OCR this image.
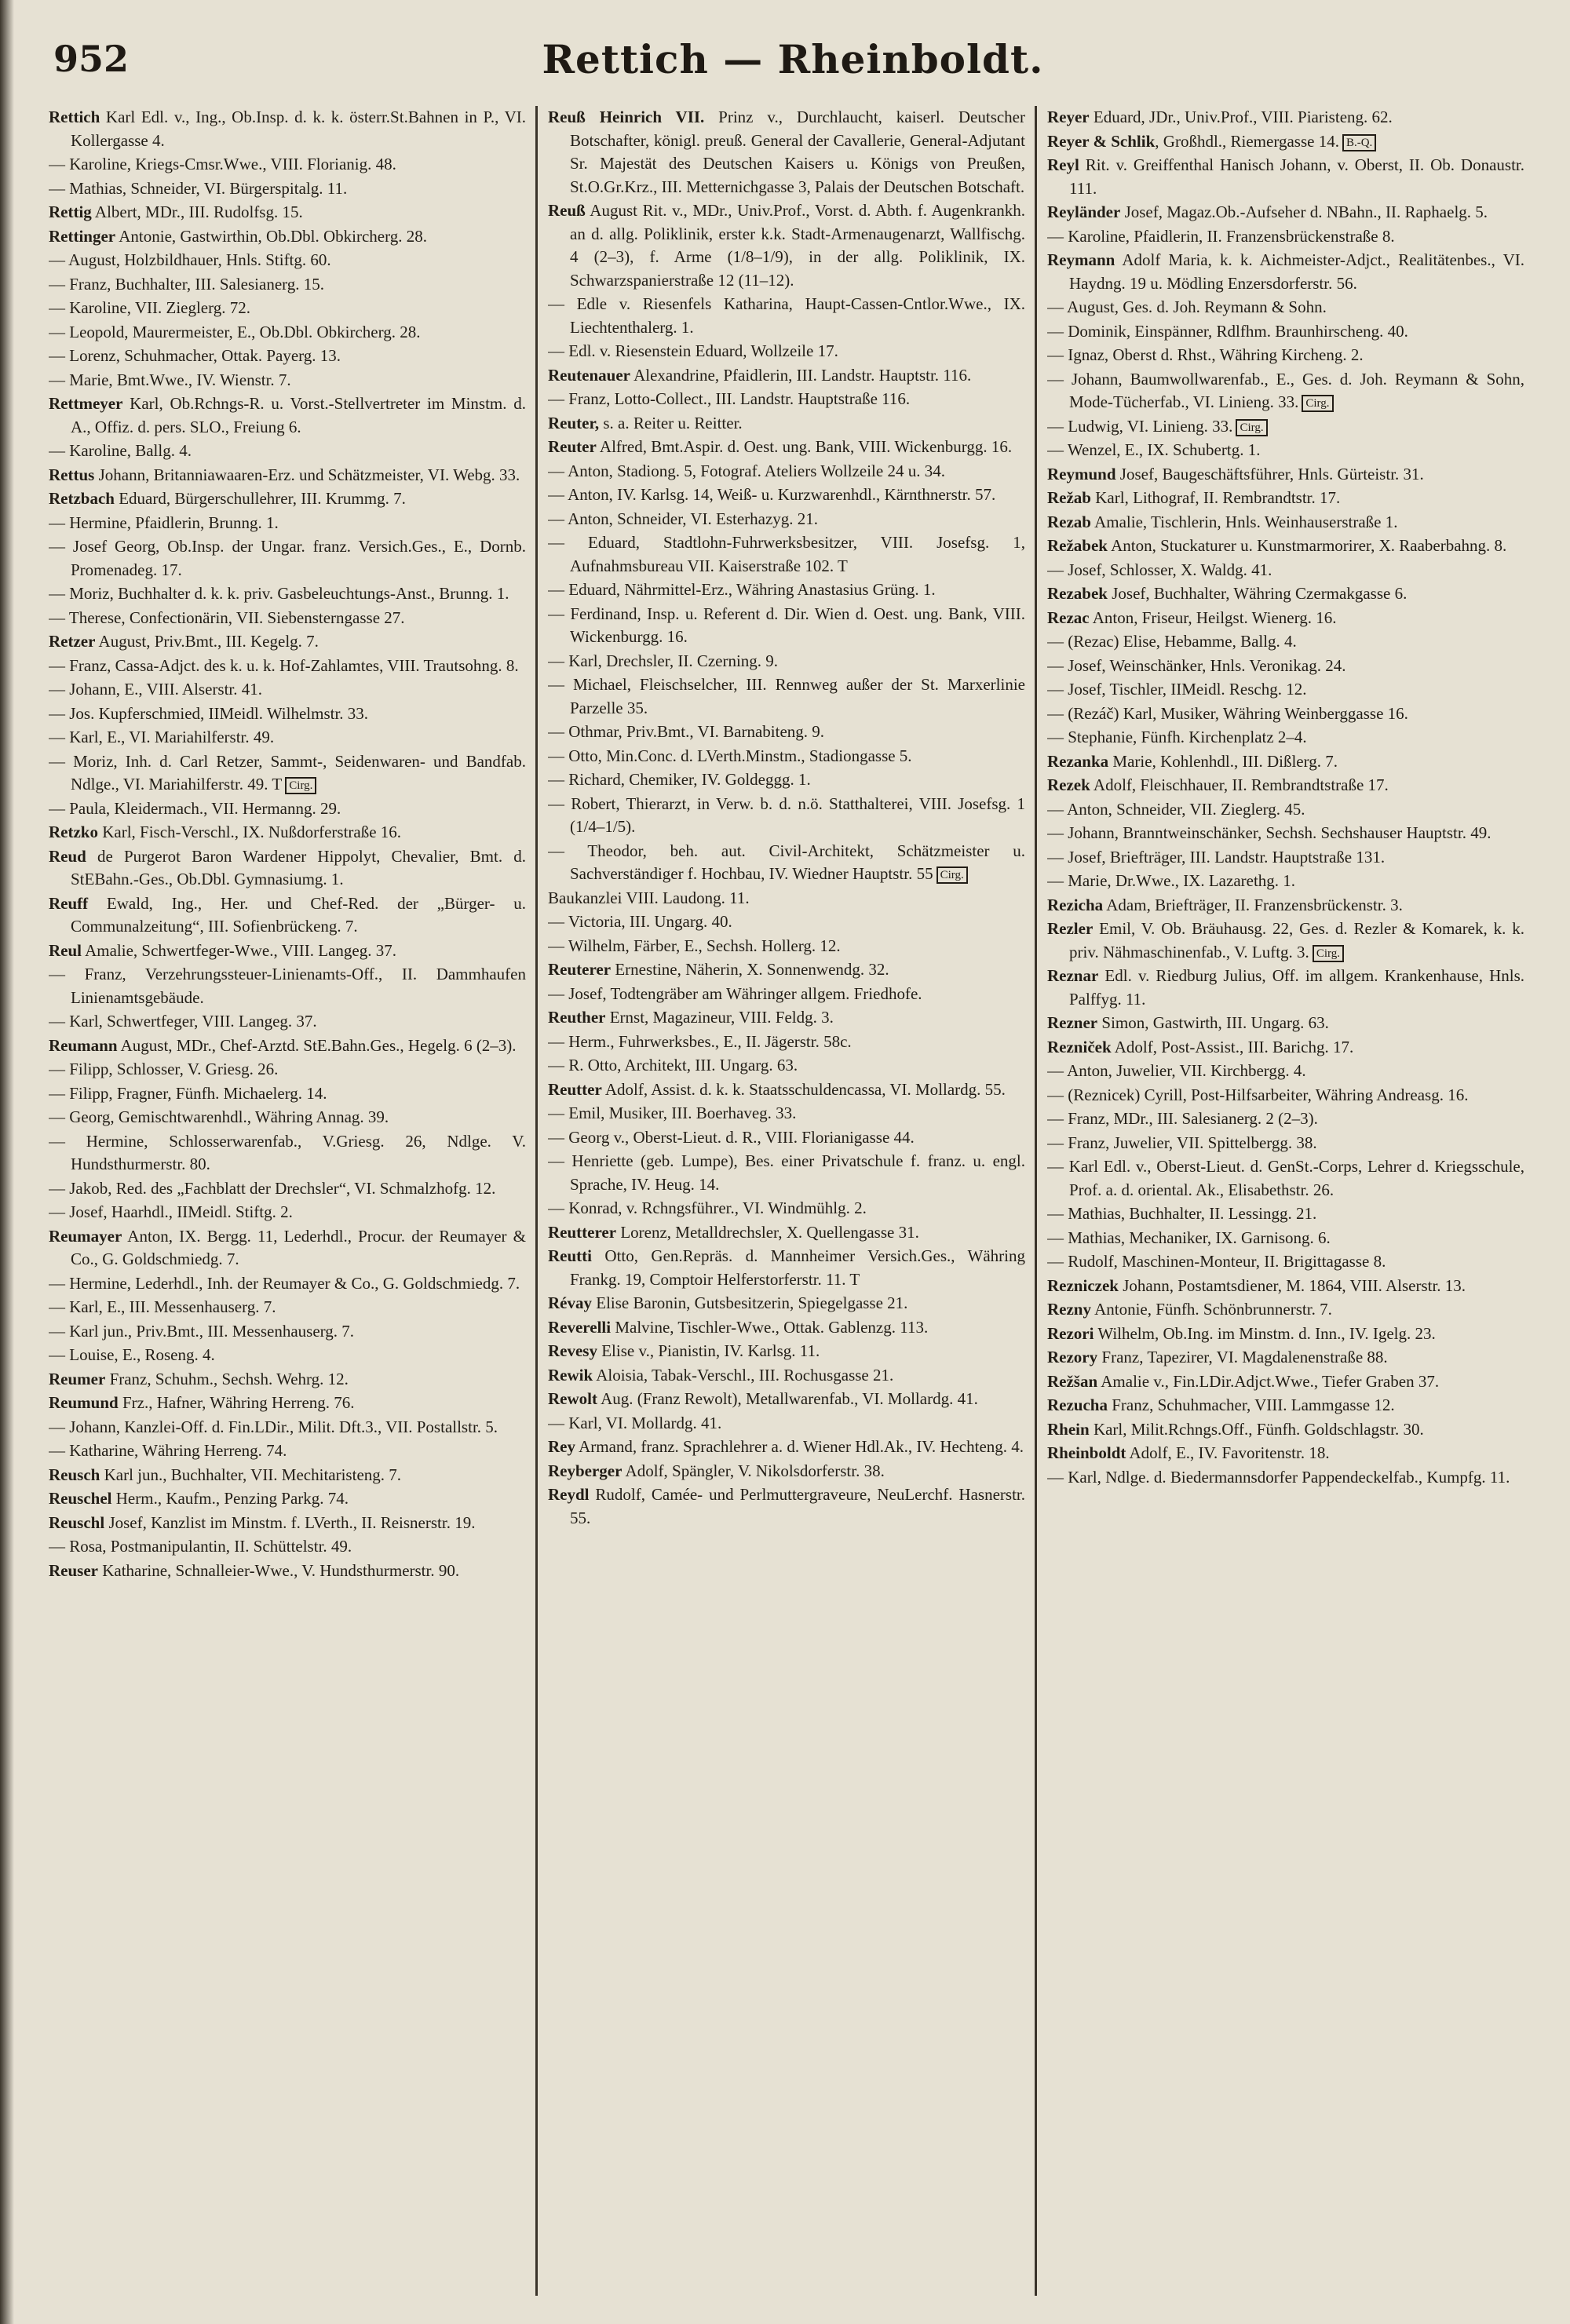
952	Rettich — Rheinboldt.

Rettich Karl Edl. v., Ing., Ob.Insp. d. k. k. österr.St.Bahnen in P., VI. Kollergasse 4.

— Karoline, Kriegs-Cmsr.Wwe., VIII. Florianig. 48.

— Mathias, Schneider, VI. Bürgerspitalg. 11.

Rettig Albert, MDr., III. Rudolfsg. 15.

Rettinger Antonie, Gastwirthin, Ob.Dbl. Obkircherg. 28.

— August, Holzbildhauer, Hnls. Stiftg. 60.

— Franz, Buchhalter, III. Salesianerg. 15.

— Karoline, VII. Zieglerg. 72.

— Leopold, Maurermeister, E., Ob.Dbl. Obkircherg. 28.

— Lorenz, Schuhmacher, Ottak. Payerg. 13.

— Marie, Bmt.Wwe., IV. Wienstr. 7.

Rettmeyer Karl, Ob.Rchngs-R. u. Vorst.-Stellvertreter im Minstm. d. A., Offiz. d. pers. SLO., Freiung 6.

— Karoline, Ballg. 4.

Rettus Johann, Britanniawaaren-Erz. und Schätzmeister, VI. Webg. 33.

Retzbach Eduard, Bürgerschullehrer, III. Krummg. 7.

— Hermine, Pfaidlerin, Brunng. 1.

— Josef Georg, Ob.Insp. der Ungar. franz. Versich.Ges., E., Dornb. Promenadeg. 17.

— Moriz, Buchhalter d. k. k. priv. Gasbeleuchtungs-Anst., Brunng. 1.

— Therese, Confectionärin, VII. Siebensterngasse 27.

Retzer August, Priv.Bmt., III. Kegelg. 7.

— Franz, Cassa-Adjct. des k. u. k. Hof-Zahlamtes, VIII. Trautsohng. 8.

— Johann, E., VIII. Alserstr. 41.

— Jos. Kupferschmied, IIMeidl. Wilhelmstr. 33.

— Karl, E., VI. Mariahilferstr. 49.

— Moriz, Inh. d. Carl Retzer, Sammt-, Seidenwaren- und Bandfab. Ndlge., VI. Mariahilferstr. 49. T Cirg.

— Paula, Kleidermach., VII. Hermanng. 29.

Retzko Karl, Fisch-Verschl., IX. Nußdorferstraße 16.

Reud de Purgerot Baron Wardener Hippolyt, Chevalier, Bmt. d. StEBahn.-Ges., Ob.Dbl. Gymnasiumg. 1.

Reuff Ewald, Ing., Her. und Chef-Red. der „Bürger- u. Communalzeitung“, III. Sofienbrückeng. 7.

Reul Amalie, Schwertfeger-Wwe., VIII. Langeg. 37.

— Franz, Verzehrungssteuer-Linienamts-Off., II. Dammhaufen Linienamtsgebäude.

— Karl, Schwertfeger, VIII. Langeg. 37.

Reumann August, MDr., Chef-Arztd. StE.Bahn.Ges., Hegelg. 6 (2–3).

— Filipp, Schlosser, V. Griesg. 26.

— Filipp, Fragner, Fünfh. Michaelerg. 14.

— Georg, Gemischtwarenhdl., Währing Annag. 39.

— Hermine, Schlosserwarenfab., V.Griesg. 26, Ndlge. V. Hundsthurmerstr. 80.

— Jakob, Red. des „Fachblatt der Drechsler“, VI. Schmalzhofg. 12.

— Josef, Haarhdl., IIMeidl. Stiftg. 2.

Reumayer Anton, IX. Bergg. 11, Lederhdl., Procur. der Reumayer & Co., G. Goldschmiedg. 7.

— Hermine, Lederhdl., Inh. der Reumayer & Co., G. Goldschmiedg. 7.

— Karl, E., III. Messenhauserg. 7.

— Karl jun., Priv.Bmt., III. Messenhauserg. 7.

— Louise, E., Roseng. 4.

Reumer Franz, Schuhm., Sechsh. Wehrg. 12.

Reumund Frz., Hafner, Währing Herreng. 76.

— Johann, Kanzlei-Off. d. Fin.LDir., Milit. Dft.3., VII. Postallstr. 5.

— Katharine, Währing Herreng. 74.

Reusch Karl jun., Buchhalter, VII. Mechitaristeng. 7.

Reuschel Herm., Kaufm., Penzing Parkg. 74.

Reuschl Josef, Kanzlist im Minstm. f. LVerth., II. Reisnerstr. 19.

— Rosa, Postmanipulantin, II. Schüttelstr. 49.

Reuser Katharine, Schnalleier-Wwe., V. Hundsthurmerstr. 90.

Reuß Heinrich VII. Prinz v., Durchlaucht, kaiserl. Deutscher Botschafter, königl. preuß. General der Cavallerie, General-Adjutant Sr. Majestät des Deutschen Kaisers u. Königs von Preußen, St.O.Gr.Krz., III. Metternichgasse 3, Palais der Deutschen Botschaft.

Reuß August Rit. v., MDr., Univ.Prof., Vorst. d. Abth. f. Augenkrankh. an d. allg. Poliklinik, erster k.k. Stadt-Armenaugenarzt, Wallfischg. 4 (2–3), f. Arme (1/8–1/9), in der allg. Poliklinik, IX. Schwarzspanierstraße 12 (11–12).

— Edle v. Riesenfels Katharina, Haupt-Cassen-Cntlor.Wwe., IX. Liechtenthalerg. 1.

— Edl. v. Riesenstein Eduard, Wollzeile 17.

Reutenauer Alexandrine, Pfaidlerin, III. Landstr. Hauptstr. 116.

— Franz, Lotto-Collect., III. Landstr. Hauptstraße 116.

Reuter, s. a. Reiter u. Reitter.

Reuter Alfred, Bmt.Aspir. d. Oest. ung. Bank, VIII. Wickenburgg. 16.

— Anton, Stadiong. 5, Fotograf. Ateliers Wollzeile 24 u. 34.

— Anton, IV. Karlsg. 14, Weiß- u. Kurzwarenhdl., Kärnthnerstr. 57.

— Anton, Schneider, VI. Esterhazyg. 21.

— Eduard, Stadtlohn-Fuhrwerksbesitzer, VIII. Josefsg. 1, Aufnahmsbureau VII. Kaiserstraße 102. T

— Eduard, Nährmittel-Erz., Währing Anastasius Grüng. 1.

— Ferdinand, Insp. u. Referent d. Dir. Wien d. Oest. ung. Bank, VIII. Wickenburgg. 16.

— Karl, Drechsler, II. Czerning. 9.

— Michael, Fleischselcher, III. Rennweg außer der St. Marxerlinie Parzelle 35.

— Othmar, Priv.Bmt., VI. Barnabiteng. 9.

— Otto, Min.Conc. d. LVerth.Minstm., Stadiongasse 5.

— Richard, Chemiker, IV. Goldeggg. 1.

— Robert, Thierarzt, in Verw. b. d. n.ö. Statthalterei, VIII. Josefsg. 1 (1/4–1/5).

— Theodor, beh. aut. Civil-Architekt, Schätzmeister u. Sachverständiger f. Hochbau, IV. Wiedner Hauptstr. 55 Cirg.

Baukanzlei VIII. Laudong. 11.

— Victoria, III. Ungarg. 40.

— Wilhelm, Färber, E., Sechsh. Hollerg. 12.

Reuterer Ernestine, Näherin, X. Sonnenwendg. 32.

— Josef, Todtengräber am Währinger allgem. Friedhofe.

Reuther Ernst, Magazineur, VIII. Feldg. 3.

— Herm., Fuhrwerksbes., E., II. Jägerstr. 58c.

— R. Otto, Architekt, III. Ungarg. 63.

Reutter Adolf, Assist. d. k. k. Staatsschuldencassa, VI. Mollardg. 55.

— Emil, Musiker, III. Boerhaveg. 33.

— Georg v., Oberst-Lieut. d. R., VIII. Florianigasse 44.

— Henriette (geb. Lumpe), Bes. einer Privatschule f. franz. u. engl. Sprache, IV. Heug. 14.

— Konrad, v. Rchngsführer., VI. Windmühlg. 2.

Reutterer Lorenz, Metalldrechsler, X. Quellengasse 31.

Reutti Otto, Gen.Repräs. d. Mannheimer Versich.Ges., Währing Frankg. 19, Comptoir Helferstorferstr. 11. T

Révay Elise Baronin, Gutsbesitzerin, Spiegelgasse 21.

Reverelli Malvine, Tischler-Wwe., Ottak. Gablenzg. 113.

Revesy Elise v., Pianistin, IV. Karlsg. 11.

Rewik Aloisia, Tabak-Verschl., III. Rochusgasse 21.

Rewolt Aug. (Franz Rewolt), Metallwarenfab., VI. Mollardg. 41.

— Karl, VI. Mollardg. 41.

Rey Armand, franz. Sprachlehrer a. d. Wiener Hdl.Ak., IV. Hechteng. 4.

Reyberger Adolf, Spängler, V. Nikolsdorferstr. 38.

Reydl Rudolf, Camée- und Perlmuttergraveure, NeuLerchf. Hasnerstr. 55.

Reyer Eduard, JDr., Univ.Prof., VIII. Piaristeng. 62.

Reyer & Schlik, Großhdl., Riemergasse 14. B.-Q.

Reyl Rit. v. Greiffenthal Hanisch Johann, v. Oberst, II. Ob. Donaustr. 111.

Reyländer Josef, Magaz.Ob.-Aufseher d. NBahn., II. Raphaelg. 5.

— Karoline, Pfaidlerin, II. Franzensbrückenstraße 8.

Reymann Adolf Maria, k. k. Aichmeister-Adjct., Realitätenbes., VI. Haydng. 19 u. Mödling Enzersdorferstr. 56.

— August, Ges. d. Joh. Reymann & Sohn.

— Dominik, Einspänner, Rdlfhm. Braunhirscheng. 40.

— Ignaz, Oberst d. Rhst., Währing Kircheng. 2.

— Johann, Baumwollwarenfab., E., Ges. d. Joh. Reymann & Sohn, Mode-Tücherfab., VI. Linieng. 33. Cirg.

— Ludwig, VI. Linieng. 33. Cirg.

— Wenzel, E., IX. Schubertg. 1.

Reymund Josef, Baugeschäftsführer, Hnls. Gürteistr. 31.

Režab Karl, Lithograf, II. Rembrandtstr. 17.

Rezab Amalie, Tischlerin, Hnls. Weinhauserstraße 1.

Režabek Anton, Stuckaturer u. Kunstmarmorirer, X. Raaberbahng. 8.

— Josef, Schlosser, X. Waldg. 41.

Rezabek Josef, Buchhalter, Währing Czermakgasse 6.

Rezac Anton, Friseur, Heilgst. Wienerg. 16.

— (Rezac) Elise, Hebamme, Ballg. 4.

— Josef, Weinschänker, Hnls. Veronikag. 24.

— Josef, Tischler, IIMeidl. Reschg. 12.

— (Rezáč) Karl, Musiker, Währing Weinberggasse 16.

— Stephanie, Fünfh. Kirchenplatz 2–4.

Rezanka Marie, Kohlenhdl., III. Dißlerg. 7.

Rezek Adolf, Fleischhauer, II. Rembrandtstraße 17.

— Anton, Schneider, VII. Zieglerg. 45.

— Johann, Branntweinschänker, Sechsh. Sechshauser Hauptstr. 49.

— Josef, Briefträger, III. Landstr. Hauptstraße 131.

— Marie, Dr.Wwe., IX. Lazarethg. 1.

Rezicha Adam, Briefträger, II. Franzensbrückenstr. 3.

Rezler Emil, V. Ob. Bräuhausg. 22, Ges. d. Rezler & Komarek, k. k. priv. Nähmaschinenfab., V. Luftg. 3. Cirg.

Reznar Edl. v. Riedburg Julius, Off. im allgem. Krankenhause, Hnls. Palffyg. 11.

Rezner Simon, Gastwirth, III. Ungarg. 63.

Rezniček Adolf, Post-Assist., III. Barichg. 17.

— Anton, Juwelier, VII. Kirchbergg. 4.

— (Reznicek) Cyrill, Post-Hilfsarbeiter, Währing Andreasg. 16.

— Franz, MDr., III. Salesianerg. 2 (2–3).

— Franz, Juwelier, VII. Spittelbergg. 38.

— Karl Edl. v., Oberst-Lieut. d. GenSt.-Corps, Lehrer d. Kriegsschule, Prof. a. d. oriental. Ak., Elisabethstr. 26.

— Mathias, Buchhalter, II. Lessingg. 21.

— Mathias, Mechaniker, IX. Garnisong. 6.

— Rudolf, Maschinen-Monteur, II. Brigittagasse 8.

Rezniczek Johann, Postamtsdiener, M. 1864, VIII. Alserstr. 13.

Rezny Antonie, Fünfh. Schönbrunnerstr. 7.

Rezori Wilhelm, Ob.Ing. im Minstm. d. Inn., IV. Igelg. 23.

Rezory Franz, Tapezirer, VI. Magdalenenstraße 88.

Režšan Amalie v., Fin.LDir.Adjct.Wwe., Tiefer Graben 37.

Rezucha Franz, Schuhmacher, VIII. Lammgasse 12.

Rhein Karl, Milit.Rchngs.Off., Fünfh. Goldschlagstr. 30.

Rheinboldt Adolf, E., IV. Favoritenstr. 18.

— Karl, Ndlge. d. Biedermannsdorfer Pappendeckelfab., Kumpfg. 11.
